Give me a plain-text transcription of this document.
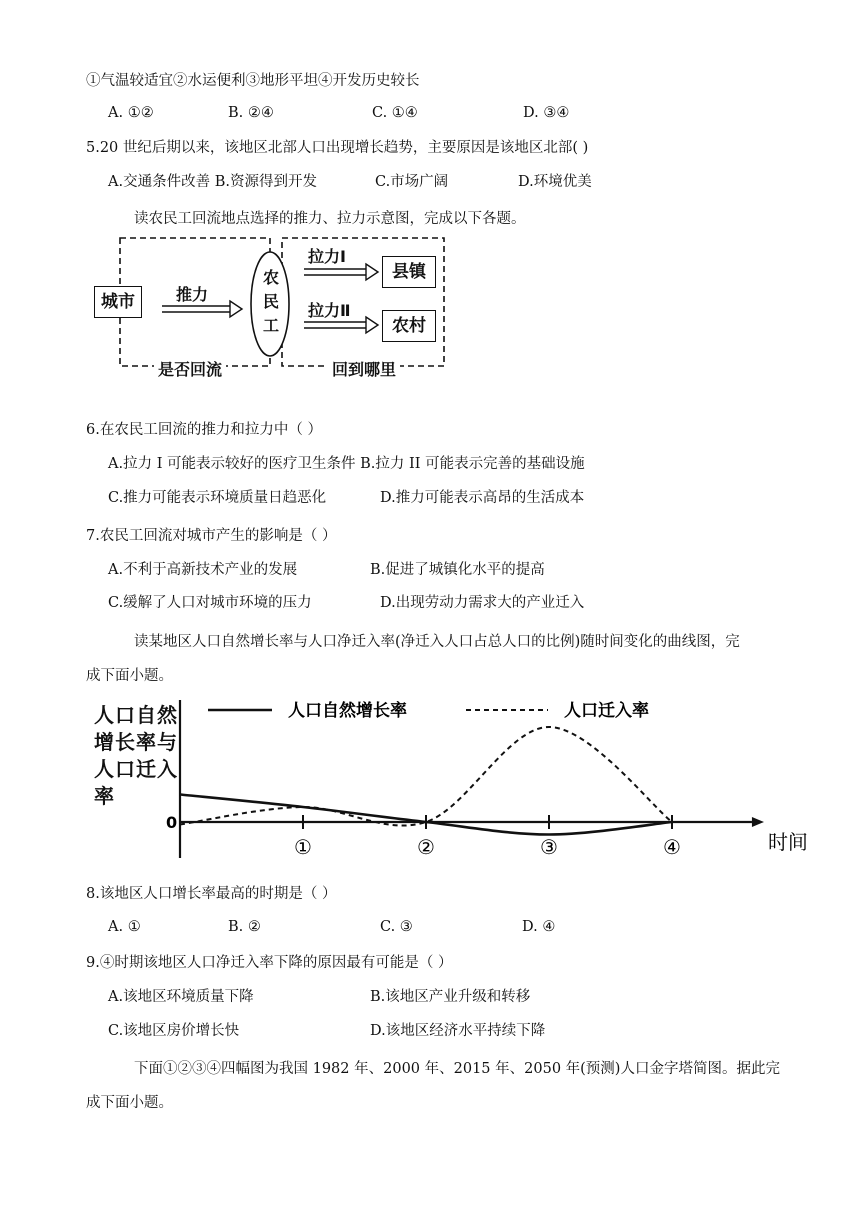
①气温较适宜②水运便利③地形平坦④开发历史较长
A. ①②	B. ②④	C. ①④	D. ③④
5.20 世纪后期以来，该地区北部人口出现增长趋势，主要原因是该地区北部( )
A.交通条件改善 B.资源得到开发	C.市场广阔	D.环境优美
读农民工回流地点选择的推力、拉力示意图，完成以下各题。
城市	推力
农
民
工
拉力Ⅰ
拉力Ⅱ
县镇
农村
是否回流	回到哪里
6.在农民工回流的推力和拉力中（ ）
A.拉力 I 可能表示较好的医疗卫生条件 B.拉力 II 可能表示完善的基础设施
C.推力可能表示环境质量日趋恶化	D.推力可能表示高昂的生活成本
7.农民工回流对城市产生的影响是（ ）
A.不利于高新技术产业的发展	B.促进了城镇化水平的提高
C.缓解了人口对城市环境的压力	D.出现劳动力需求大的产业迁入
读某地区人口自然增长率与人口净迁入率(净迁入人口占总人口的比例)随时间变化的曲线图，完
成下面小题。
人口自然增长率与人口迁入率
0
时间
①	②	③	④
人口自然增长率	人口迁入率
8.该地区人口增长率最高的时期是（ ）
A. ①	B. ②	C. ③	D. ④
9.④时期该地区人口净迁入率下降的原因最有可能是（ ）
A.该地区环境质量下降	B.该地区产业升级和转移
C.该地区房价增长快	D.该地区经济水平持续下降
下面①②③④四幅图为我国 1982 年、2000 年、2015 年、2050 年(预测)人口金字塔简图。据此完
成下面小题。
